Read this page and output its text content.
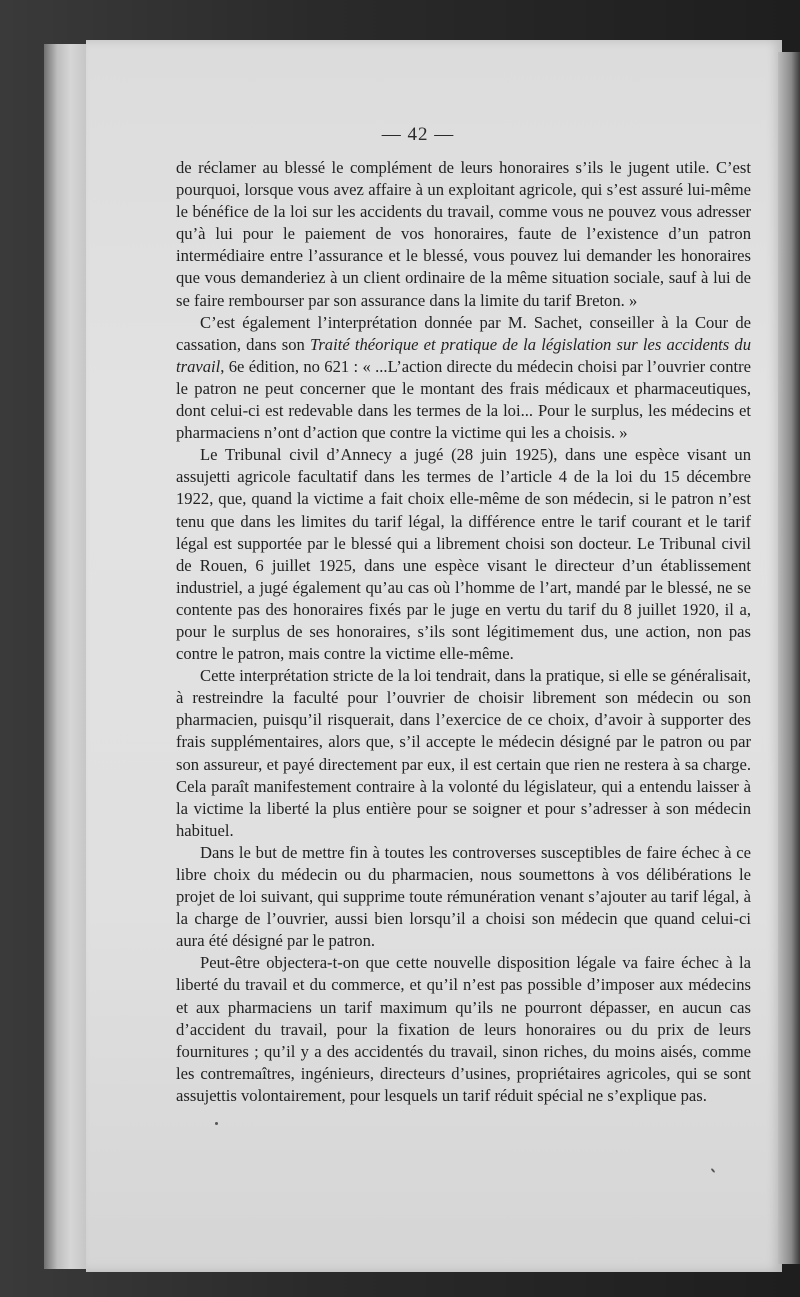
— 42 —

de réclamer au blessé le complément de leurs honoraires s’ils le jugent utile. C’est pourquoi, lorsque vous avez affaire à un exploitant agricole, qui s’est assuré lui-même le bénéfice de la loi sur les accidents du travail, comme vous ne pouvez vous adresser qu’à lui pour le paiement de vos honoraires, faute de l’existence d’un patron intermédiaire entre l’assurance et le blessé, vous pouvez lui demander les honoraires que vous demanderiez à un client ordinaire de la même situation sociale, sauf à lui de se faire rembourser par son assurance dans la limite du tarif Breton. »

C’est également l’interprétation donnée par M. Sachet, conseiller à la Cour de cassation, dans son Traité théorique et pratique de la législation sur les accidents du travail, 6e édition, no 621 : « ...L’action directe du médecin choisi par l’ouvrier contre le patron ne peut concerner que le montant des frais médicaux et pharmaceutiques, dont celui-ci est redevable dans les termes de la loi... Pour le surplus, les médecins et pharmaciens n’ont d’action que contre la victime qui les a choisis. »

Le Tribunal civil d’Annecy a jugé (28 juin 1925), dans une espèce visant un assujetti agricole facultatif dans les termes de l’article 4 de la loi du 15 décembre 1922, que, quand la victime a fait choix elle-même de son médecin, si le patron n’est tenu que dans les limites du tarif légal, la différence entre le tarif courant et le tarif légal est supportée par le blessé qui a librement choisi son docteur. Le Tribunal civil de Rouen, 6 juillet 1925, dans une espèce visant le directeur d’un établissement industriel, a jugé également qu’au cas où l’homme de l’art, mandé par le blessé, ne se contente pas des honoraires fixés par le juge en vertu du tarif du 8 juillet 1920, il a, pour le surplus de ses honoraires, s’ils sont légitimement dus, une action, non pas contre le patron, mais contre la victime elle-même.

Cette interprétation stricte de la loi tendrait, dans la pratique, si elle se généralisait, à restreindre la faculté pour l’ouvrier de choisir librement son médecin ou son pharmacien, puisqu’il risquerait, dans l’exercice de ce choix, d’avoir à supporter des frais supplémentaires, alors que, s’il accepte le médecin désigné par le patron ou par son assureur, et payé directement par eux, il est certain que rien ne restera à sa charge. Cela paraît manifestement contraire à la volonté du législateur, qui a entendu laisser à la victime la liberté la plus entière pour se soigner et pour s’adresser à son médecin habituel.

Dans le but de mettre fin à toutes les controverses susceptibles de faire échec à ce libre choix du médecin ou du pharmacien, nous soumettons à vos délibérations le projet de loi suivant, qui supprime toute rémunération venant s’ajouter au tarif légal, à la charge de l’ouvrier, aussi bien lorsqu’il a choisi son médecin que quand celui-ci aura été désigné par le patron.

Peut-être objectera-t-on que cette nouvelle disposition légale va faire échec à la liberté du travail et du commerce, et qu’il n’est pas possible d’imposer aux médecins et aux pharmaciens un tarif maximum qu’ils ne pourront dépasser, en aucun cas d’accident du travail, pour la fixation de leurs honoraires ou du prix de leurs fournitures ; qu’il y a des accidentés du travail, sinon riches, du moins aisés, comme les contremaîtres, ingénieurs, directeurs d’usines, propriétaires agricoles, qui se sont assujettis volontairement, pour lesquels un tarif réduit spécial ne s’explique pas.
